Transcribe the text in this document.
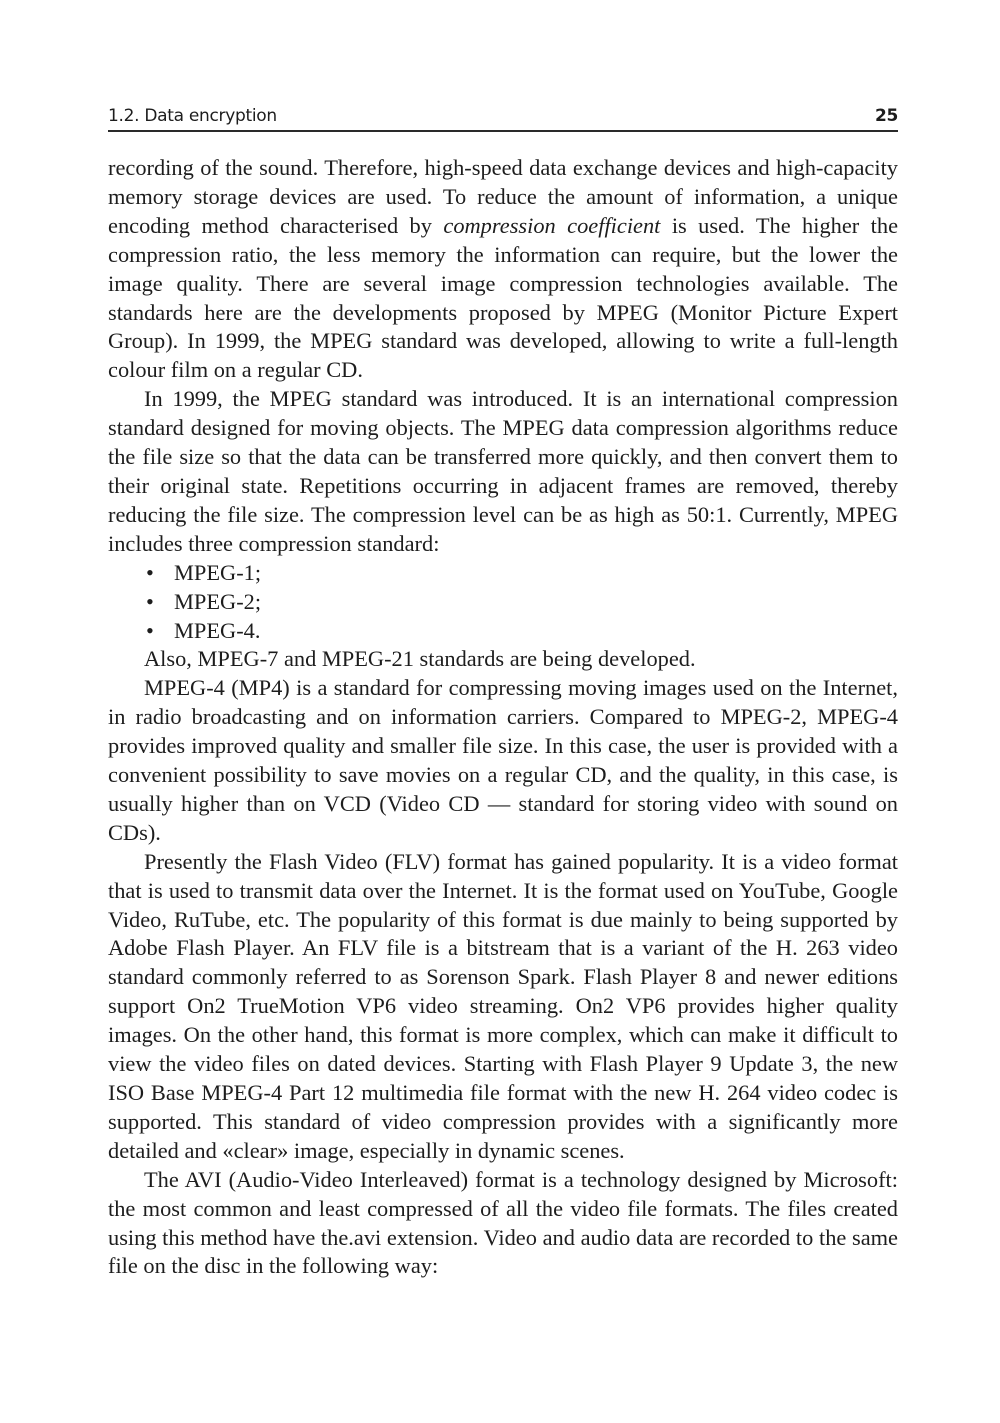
1.2. Data encryption	25

recording of the sound. Therefore, high-speed data exchange devices and high-capacity memory storage devices are used. To reduce the amount of information, a unique encoding method characterised by compression coefficient is used. The higher the compression ratio, the less memory the information can require, but the lower the image quality. There are several image compression technologies available. The standards here are the developments proposed by MPEG (Monitor Picture Expert Group). In 1999, the MPEG standard was developed, allowing to write a full-length colour film on a regular CD.

In 1999, the MPEG standard was introduced. It is an international compression standard designed for moving objects. The MPEG data compression algorithms reduce the file size so that the data can be transferred more quickly, and then convert them to their original state. Repetitions occurring in adjacent frames are removed, thereby reducing the file size. The compression level can be as high as 50:1. Currently, MPEG includes three compression standard:

• MPEG-1;
• MPEG-2;
• MPEG-4.

Also, MPEG-7 and MPEG-21 standards are being developed.

MPEG-4 (MP4) is a standard for compressing moving images used on the Internet, in radio broadcasting and on information carriers. Compared to MPEG-2, MPEG-4 provides improved quality and smaller file size. In this case, the user is provided with a convenient possibility to save movies on a regular CD, and the quality, in this case, is usually higher than on VCD (Video CD — standard for storing video with sound on CDs).

Presently the Flash Video (FLV) format has gained popularity. It is a video format that is used to transmit data over the Internet. It is the format used on YouTube, Google Video, RuTube, etc. The popularity of this format is due mainly to being supported by Adobe Flash Player. An FLV file is a bitstream that is a variant of the H. 263 video standard commonly referred to as Sorenson Spark. Flash Player 8 and newer editions support On2 TrueMotion VP6 video streaming. On2 VP6 provides higher quality images. On the other hand, this format is more complex, which can make it difficult to view the video files on dated devices. Starting with Flash Player 9 Update 3, the new ISO Base MPEG-4 Part 12 multimedia file format with the new H. 264 video codec is supported. This standard of video compression provides with a significantly more detailed and «clear» image, especially in dynamic scenes.

The AVI (Audio-Video Interleaved) format is a technology designed by Microsoft: the most common and least compressed of all the video file formats. The files created using this method have the.avi extension. Video and audio data are recorded to the same file on the disc in the following way:
